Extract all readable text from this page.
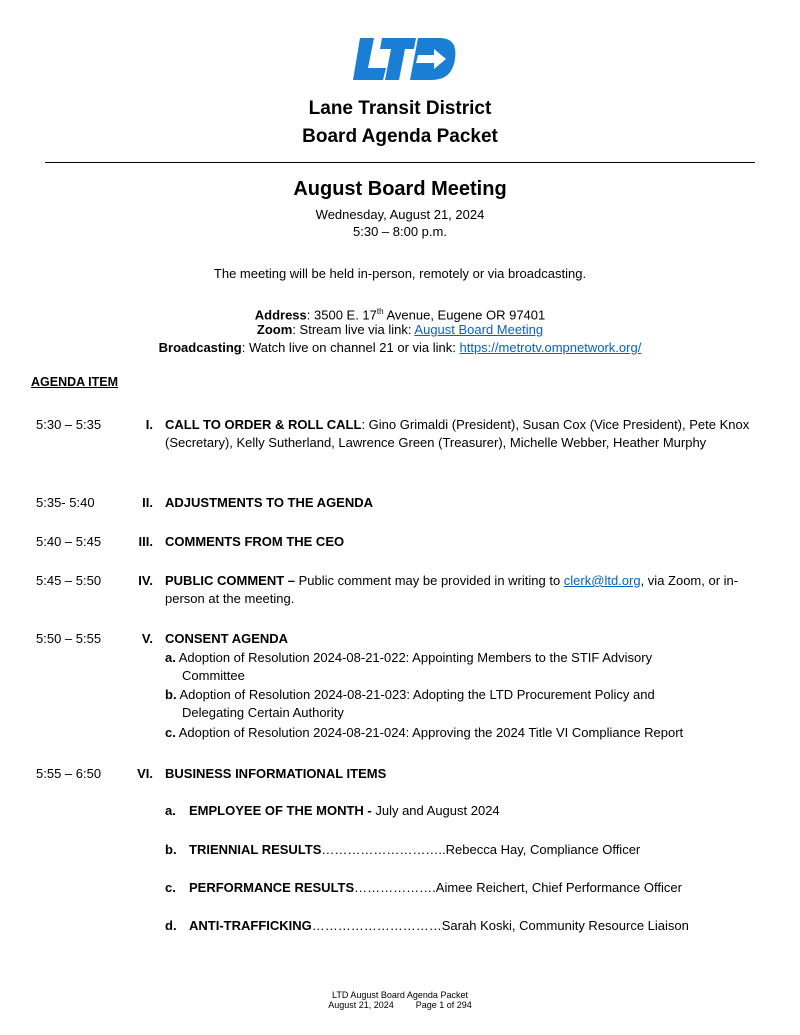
Lane Transit District
Board Agenda Packet
August Board Meeting
Wednesday, August 21, 2024
5:30 – 8:00 p.m.
The meeting will be held in-person, remotely or via broadcasting.
Address: 3500 E. 17th Avenue, Eugene OR 97401
Zoom: Stream live via link: August Board Meeting
Broadcasting: Watch live on channel 21 or via link: https://metrotv.ompnetwork.org/
AGENDA ITEM
5:30 – 5:35	I. CALL TO ORDER & ROLL CALL: Gino Grimaldi (President), Susan Cox (Vice President), Pete Knox (Secretary), Kelly Sutherland, Lawrence Green (Treasurer), Michelle Webber, Heather Murphy
5:35- 5:40	II. ADJUSTMENTS TO THE AGENDA
5:40 – 5:45	III. COMMENTS FROM THE CEO
5:45 – 5:50	IV. PUBLIC COMMENT – Public comment may be provided in writing to clerk@ltd.org, via Zoom, or in-person at the meeting.
5:50 – 5:55	V. CONSENT AGENDA
a. Adoption of Resolution 2024-08-21-022: Appointing Members to the STIF Advisory
Committee
b. Adoption of Resolution 2024-08-21-023: Adopting the LTD Procurement Policy and
Delegating Certain Authority
c. Adoption of Resolution 2024-08-21-024: Approving the 2024 Title VI Compliance Report
5:55 – 6:50	VI. BUSINESS INFORMATIONAL ITEMS
a. EMPLOYEE OF THE MONTH - July and August 2024
b. TRIENNIAL RESULTS………………………..Rebecca Hay, Compliance Officer
c. PERFORMANCE RESULTS……………….Aimee Reichert, Chief Performance Officer
d. ANTI-TRAFFICKING…………………………Sarah Koski, Community Resource Liaison
LTD August Board Agenda Packet
August 21, 2024 Page 1 of 294
